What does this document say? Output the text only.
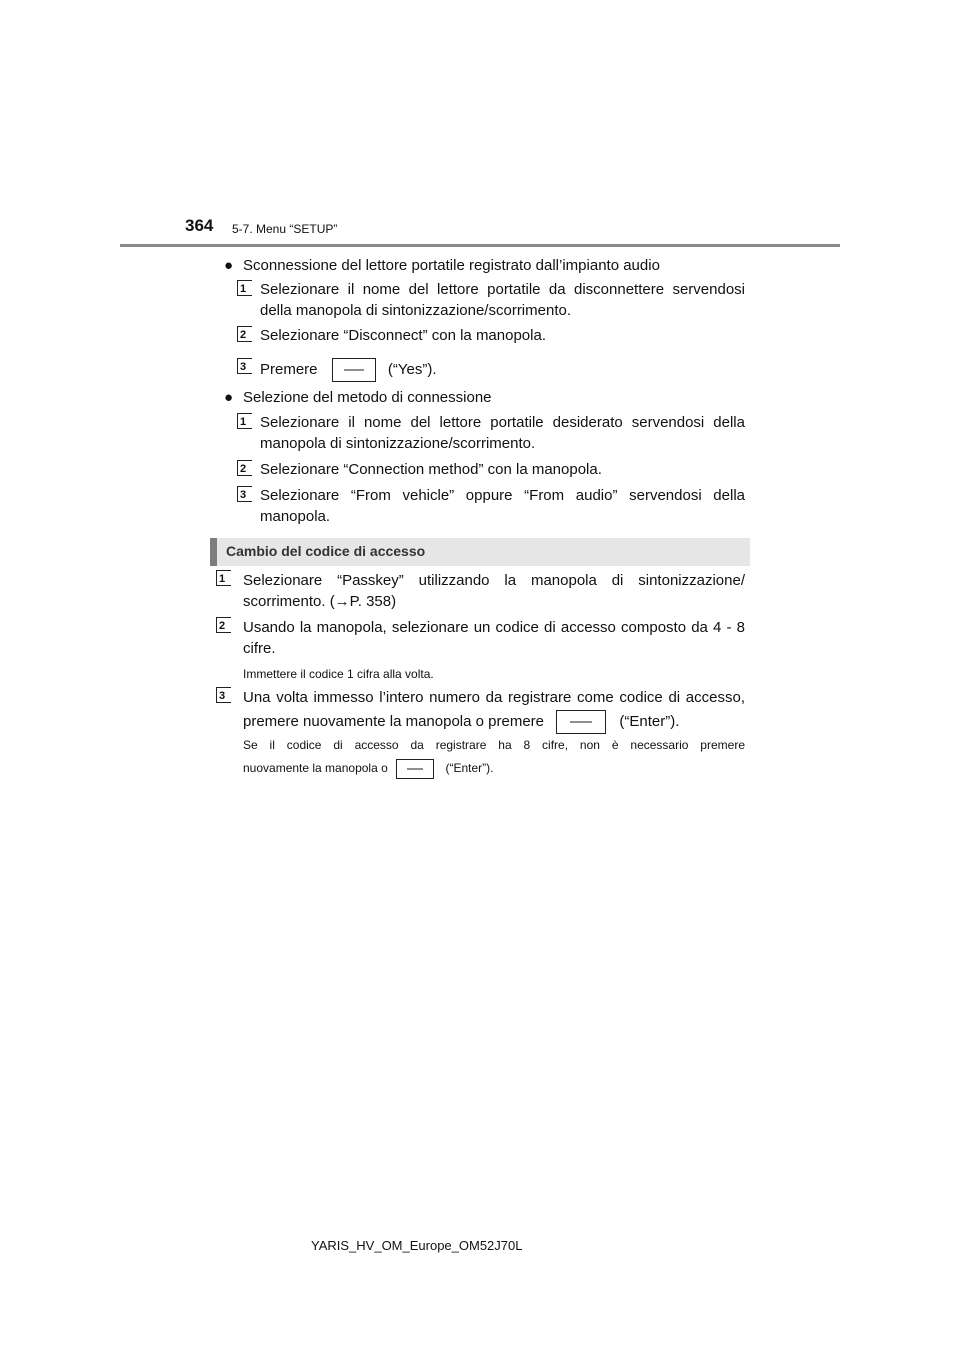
364 5-7. Menu “SETUP”
● Sconnessione del lettore portatile registrato dall’impianto audio
1 Selezionare il nome del lettore portatile da disconnettere servendosi
della manopola di sintonizzazione/scorrimento.
2 Selezionare “Disconnect” con la manopola.
3 Premere	(“Yes”).
● Selezione del metodo di connessione
1 Selezionare il nome del lettore portatile desiderato servendosi della
manopola di sintonizzazione/scorrimento.
2 Selezionare “Connection method” con la manopola.
3 Selezionare “From vehicle” oppure “From audio” servendosi della
manopola.
Cambio del codice di accesso
1	Selezionare “Passkey” utilizzando la manopola di sintonizzazione/
scorrimento. (→P. 358)
2	Usando la manopola, selezionare un codice di accesso composto da 4 - 8
cifre.
Immettere il codice 1 cifra alla volta.
3	Una volta immesso l’intero numero da registrare come codice di accesso,
premere nuovamente la manopola o premere	(“Enter”).
Se il codice di accesso da registrare ha 8 cifre, non è necessario premere
nuovamente la manopola o	(“Enter”).
YARIS_HV_OM_Europe_OM52J70L
